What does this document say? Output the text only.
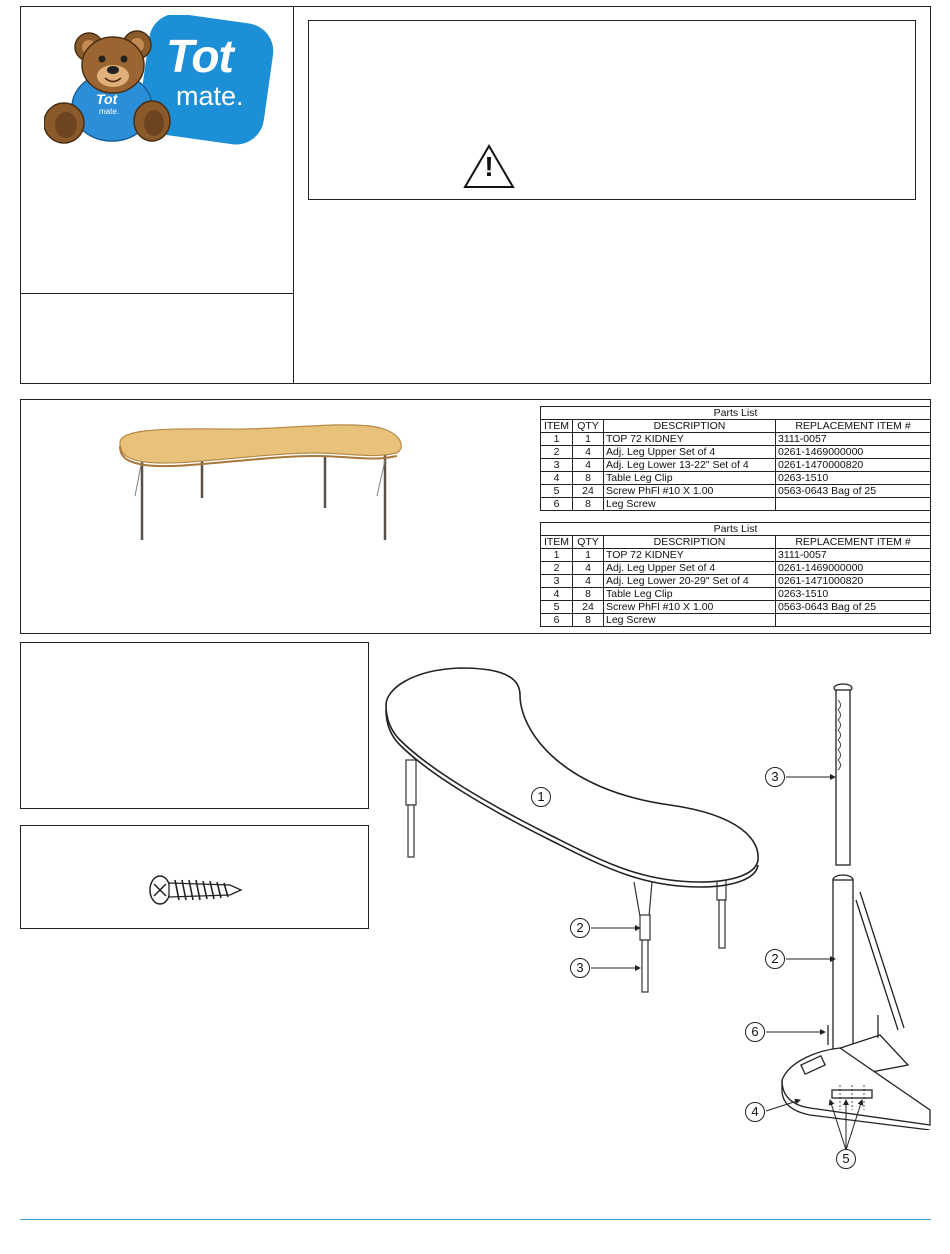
Tot
mate.
Tot
mate.
!
Parts List			
ITEM	QTY	DESCRIPTION	REPLACEMENT ITEM #
1	1	TOP 72 KIDNEY	3111-0057
2	4	Adj. Leg Upper Set of 4	0261-1469000000
3	4	Adj. Leg Lower 13-22" Set of 4	0261-1470000820
4	8	Table Leg Clip	0263-1510
5	24	Screw PhFl #10 X 1.00	0563-0643 Bag of 25
6	8	Leg Screw	
Parts List			
ITEM	QTY	DESCRIPTION	REPLACEMENT ITEM #
1	1	TOP 72 KIDNEY	3111-0057
2	4	Adj. Leg Upper Set of 4	0261-1469000000
3	4	Adj. Leg Lower 20-29" Set of 4	0261-1471000820
4	8	Table Leg Clip	0263-1510
5	24	Screw PhFl #10 X 1.00	0563-0643 Bag of 25
6	8	Leg Screw	
1
2
3
3
2
6
4
5
